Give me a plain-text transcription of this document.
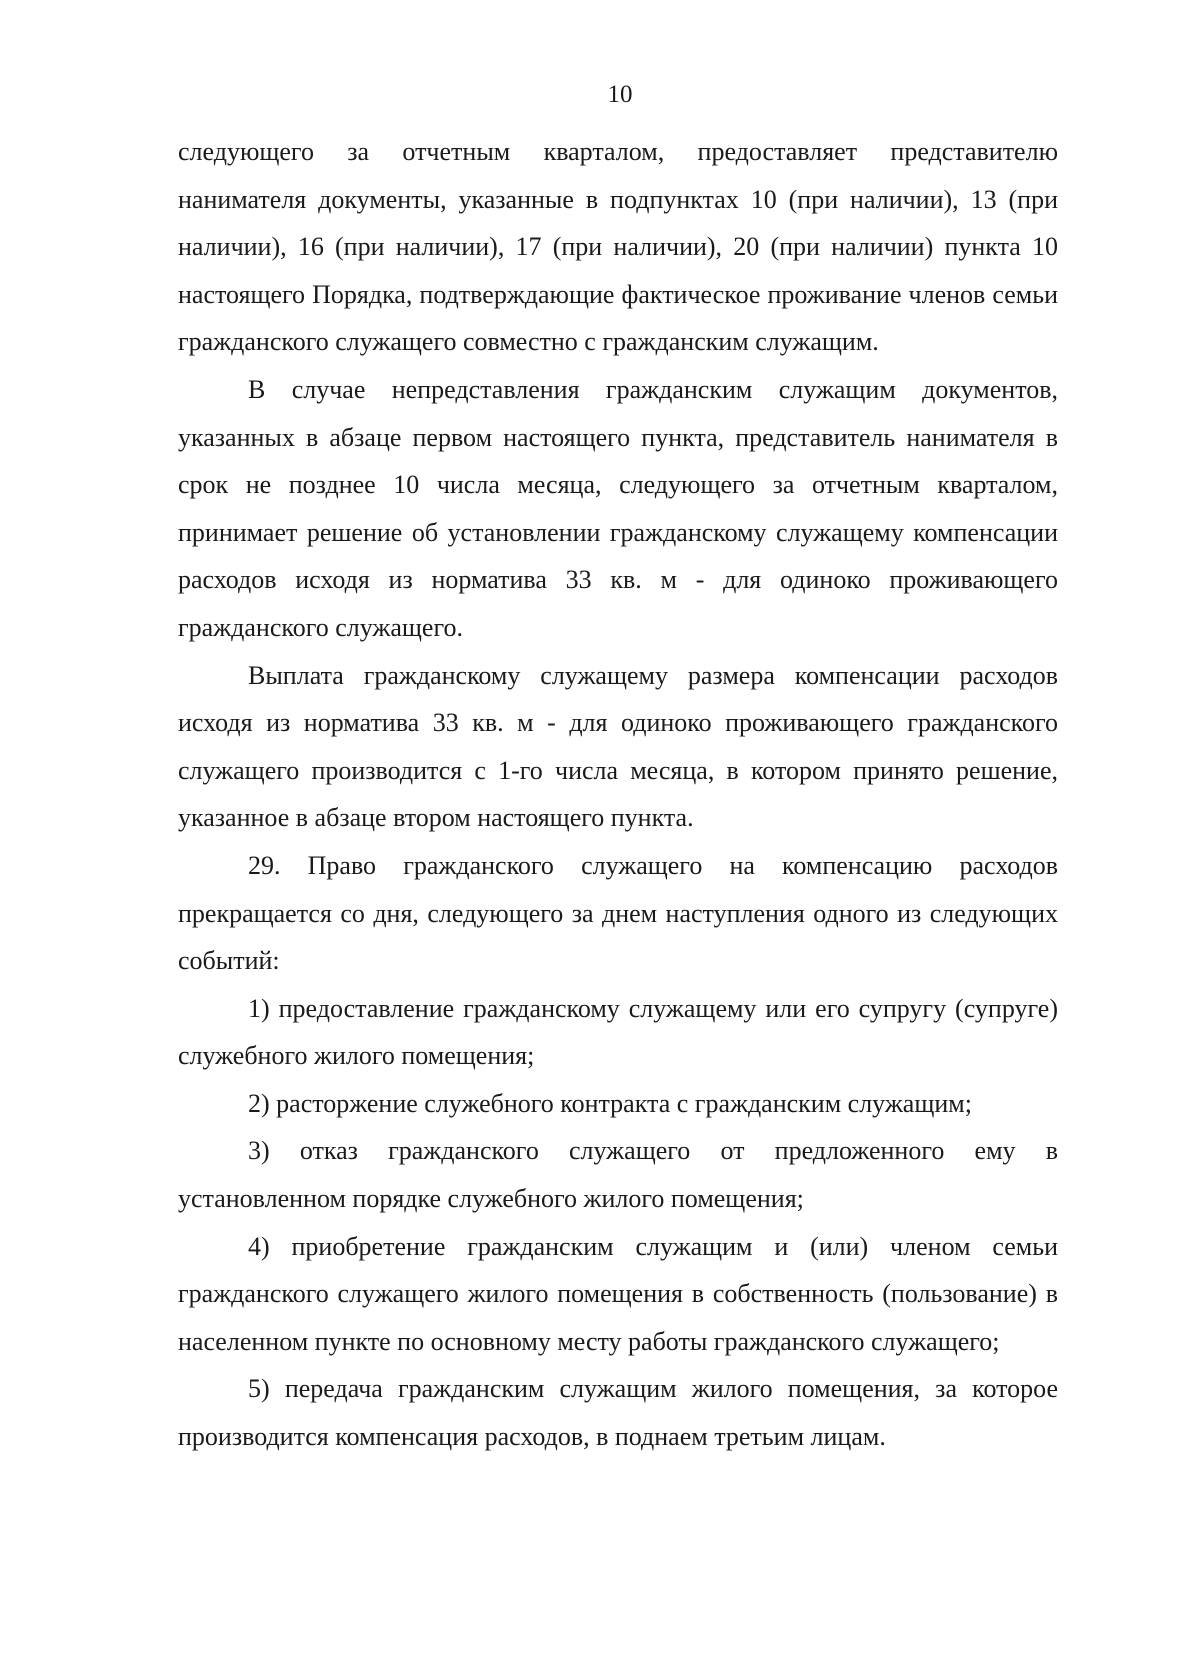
10

следующего за отчетным кварталом, предоставляет представителю нанимателя документы, указанные в подпунктах 10 (при наличии), 13 (при наличии), 16 (при наличии), 17 (при наличии), 20 (при наличии) пункта 10 настоящего Порядка, подтверждающие фактическое проживание членов семьи гражданского служащего совместно с гражданским служащим.

В случае непредставления гражданским служащим документов, указанных в абзаце первом настоящего пункта, представитель нанимателя в срок не позднее 10 числа месяца, следующего за отчетным кварталом, принимает решение об установлении гражданскому служащему компенсации расходов исходя из норматива 33 кв. м - для одиноко проживающего гражданского служащего.

Выплата гражданскому служащему размера компенсации расходов исходя из норматива 33 кв. м - для одиноко проживающего гражданского служащего производится с 1-го числа месяца, в котором принято решение, указанное в абзаце втором настоящего пункта.

29. Право гражданского служащего на компенсацию расходов прекращается со дня, следующего за днем наступления одного из следующих событий:

1) предоставление гражданскому служащему или его супругу (супруге) служебного жилого помещения;

2) расторжение служебного контракта с гражданским служащим;

3) отказ гражданского служащего от предложенного ему в установленном порядке служебного жилого помещения;

4) приобретение гражданским служащим и (или) членом семьи гражданского служащего жилого помещения в собственность (пользование) в населенном пункте по основному месту работы гражданского служащего;

5) передача гражданским служащим жилого помещения, за которое производится компенсация расходов, в поднаем третьим лицам.
